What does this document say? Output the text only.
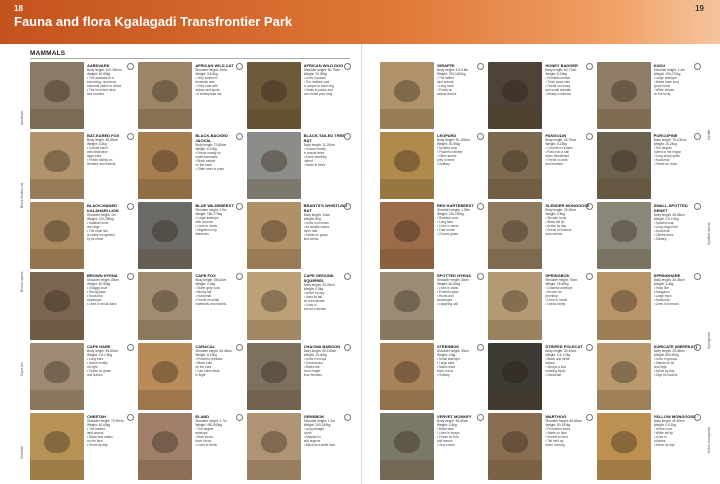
18
Fauna and flora Kgalagadi Transfrontier Park
19
MAMMALS
Aardvark
Black-footed cat
Brown hyena
Cape fox
Cheetah
Giraffe
Spotted hyena
Springhare
Yellow mongoose
AARDVARK
Body length: 100-160cm
Weight: 40-65kg
• The aardvark is a
burrowing, nocturnal
mammal native to Africa
• The front feet have
four thumbs
AFRICAN WILD CAT
Shoulder height: 35cm
Weight: 3-6.5kg
• Very similar to
domestic cats
• Grey coat with
stripes and spots
• A widespread cat
AFRICAN WILD DOG
Shoulder height: 60-75cm
Weight: 20-30kg
• Lives in packs
• The mottled coat
is unique to each dog
• Hunts in packs and
can chase prey long
BAT-EARED FOX
Body length: 55-65cm
Weight: 3-5kg
• A small canid
with distinctive
large ears
• Feeds mainly on
termites and insects
BLACK-BACKED JACKAL
Body length: 70-80cm
Weight: 6-10kg
• Feeds mostly on
small mammals
• Black saddle
on the back
• Often seen in pairs
BLACK-TAILED TREE RAT
Body length: 12-20cm
• Occurs mostly
in acacia trees
• A tree-dwelling
rodent
• Nests in trees
BLACK-MANED KALAHARI LION
Shoulder height: 1m
Weight: 120-250kg
• Kalahari lions
are large
• The male lion
is easily recognised
by its mane
BLUE WILDEBEEST
Shoulder height: 1.5m
Weight: 180-270kg
• Large antelope
with a beard
• Lives in herds
• Migrates long
distances
BRANTS'S WHISTLING RAT
Body length: 14cm
Weight: 80g
• Lives in burrows
• Its whistle warns
other rats
• Feeds on grass
and seeds
BROWN HYENA
Shoulder height: 80cm
Weight: 40-50kg
• Shaggy coat
• Strong jaws
• Nocturnal
scavenger
• Lives in small clans
CAPE FOX
Body length: 55-62cm
Weight: 2-4kg
• Silver-grey coat
• Bushy tail
• Nocturnal
• Feeds on small
mammals and insects
CAPE GROUND SQUIRREL
Body length: 20-25cm
Weight: 0.5kg
• Active by day
• Uses its tail
as a sunshade
• Lives in
burrow colonies
CAPE HARE
Body length: 45-60cm
Weight: 1.5-2.5kg
• Long ears
• Active mostly
at night
• Feeds on grass
and leaves
CARACAL
Shoulder height: 40-45cm
Weight: 8-19kg
• Powerful predator
• Black tufts
on the ears
• Can catch birds
in flight
CHACMA BABOON
Body length: 50-115cm
Weight: 15-40kg
• Lives in troops
• Omnivorous
• Males are
much larger
than females
CHEETAH
Shoulder height: 70-90cm
Weight: 40-60kg
• The fastest
land animal
• Black tear marks
on the face
• Hunts by day
ELAND
Shoulder height: 1.7m
Weight: 450-900kg
• The largest
antelope
• Both sexes
have horns
• Lives in herds
GEMSBOK
Shoulder height: 1.2m
Weight: 200-240kg
• Long straight
horns
• Adapted to
arid regions
• Black-and-white face
GIRAFFE
Body height: 4.5-5.5m
Weight: 700-1400kg
• The tallest
land animal
• Long neck
• Feeds on
acacia leaves
HONEY BADGER
Body length: 60-77cm
Weight: 8-16kg
• Fearless animal
• Thick loose skin
• Feeds on honey
and small animals
• Mostly nocturnal
KUDU
Shoulder height: 1.4m
Weight: 190-270kg
• Large antelope
• Males have long
spiral horns
• White stripes
on the body
LEOPARD
Body length: 90-190cm
Weight: 30-90kg
• Spotted coat
• Powerful climber
• Often stores
prey in trees
• Solitary
PANGOLIN
Body length: 40-70cm
Weight: 5-15kg
• Covered in scales
• Rolls into a ball
when threatened
• Feeds on ants
and termites
PORCUPINE
Body length: 75-100cm
Weight: 10-24kg
• The largest
rodent in the region
• Long sharp quills
• Nocturnal
• Feeds on roots
RED HARTEBEEST
Shoulder height: 1.25m
Weight: 120-150kg
• Reddish coat
• Long face
• Lives in herds
• Fast runner
• Grazes grass
SLENDER MONGOOSE
Body length: 25-35cm
Weight: 0.5kg
• Slender body
• Black tail tip
• Active by day
• Feeds on insects
and rodents
SMALL-SPOTTED GENET
Body length: 45-55cm
Weight: 1.5-2.5kg
• Spotted coat
• Long ringed tail
• Nocturnal
• Climbs trees
• Solitary
SPOTTED HYENA
Shoulder height: 80cm
Weight: 60-80kg
• Lives in clans
• Powerful jaws
• Hunts and
scavenges
• Laughing call
SPRINGBOK
Shoulder height: 75cm
Weight: 25-40kg
• Graceful antelope
• Known for
pronking
• Lives in herds
• Drinks rarely
SPRINGHARE
Body length: 35-45cm
Weight: 3-4kg
• Hops like
a kangaroo
• Large eyes
• Nocturnal
• Lives in burrows
STEENBOK
Shoulder height: 50cm
Weight: 11kg
• Small antelope
• Large ears
• Males have
short horns
• Solitary
STRIPED POLECAT
Body length: 30-40cm
Weight: 0.5-1.5kg
• Black and white
stripes
• Sprays a foul
smelling liquid
• Nocturnal
SURICATE (MEERKAT)
Body length: 25-35cm
Weight: 600-900g
• Lives in groups
• Stands on its
hind legs
• Active by day
• Digs for insects
VERVET MONKEY
Body length: 45-60cm
Weight: 3-8kg
• Black face
• Lives in troops
• Feeds on fruit
and leaves
• Very social
WARTHOG
Shoulder height: 65-85cm
Weight: 50-100kg
• Prominent tusks
• Warts on face
• Kneels to feed
• Tail held up
when running
YELLOW MONGOOSE
Body length: 40-60cm
Weight: 0.5-1kg
• Yellow coat
• White tail tip
• Lives in
colonies
• Active by day
